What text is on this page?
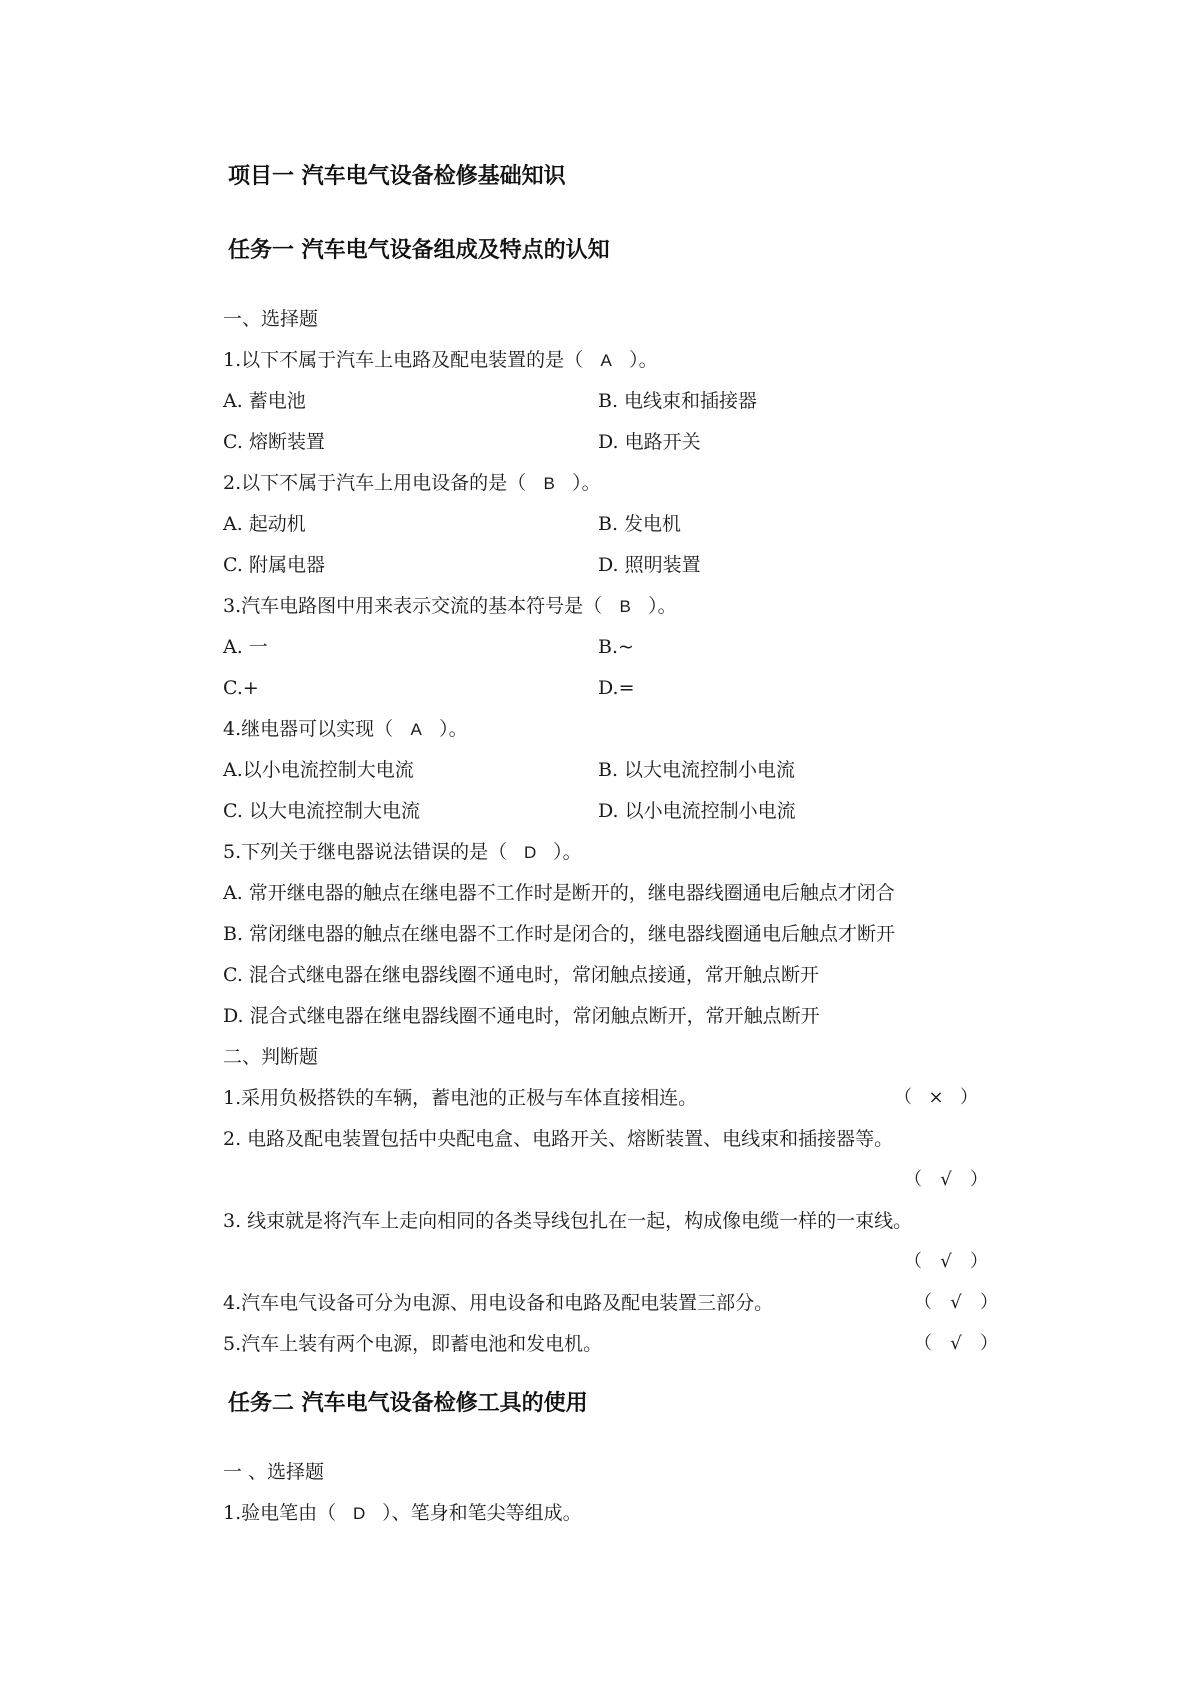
项目一 汽车电气设备检修基础知识
任务一 汽车电气设备组成及特点的认知
一、选择题
1.以下不属于汽车上电路及配电装置的是（ A ）。
A. 蓄电池	B. 电线束和插接器
C. 熔断装置	D. 电路开关
2.以下不属于汽车上用电设备的是（ B ）。
A. 起动机	B. 发电机
C. 附属电器	D. 照明装置
3.汽车电路图中用来表示交流的基本符号是（ B ）。
A. 一	B.~
C.+	D.=
4.继电器可以实现（ A ）。
A.以小电流控制大电流	B. 以大电流控制小电流
C. 以大电流控制大电流	D. 以小电流控制小电流
5.下列关于继电器说法错误的是（ D ）。
A. 常开继电器的触点在继电器不工作时是断开的，继电器线圈通电后触点才闭合
B. 常闭继电器的触点在继电器不工作时是闭合的，继电器线圈通电后触点才断开
C. 混合式继电器在继电器线圈不通电时，常闭触点接通，常开触点断开
D. 混合式继电器在继电器线圈不通电时，常闭触点断开，常开触点断开
二、判断题
1.采用负极搭铁的车辆，蓄电池的正极与车体直接相连。	（ × ）
2. 电路及配电装置包括中央配电盒、电路开关、熔断装置、电线束和插接器等。
（ √ ）
3. 线束就是将汽车上走向相同的各类导线包扎在一起，构成像电缆一样的一束线。
（ √ ）
4.汽车电气设备可分为电源、用电设备和电路及配电装置三部分。	（ √ ）
5.汽车上装有两个电源，即蓄电池和发电机。	（ √ ）
任务二 汽车电气设备检修工具的使用
一 、选择题
1.验电笔由（ D ）、笔身和笔尖等组成。
